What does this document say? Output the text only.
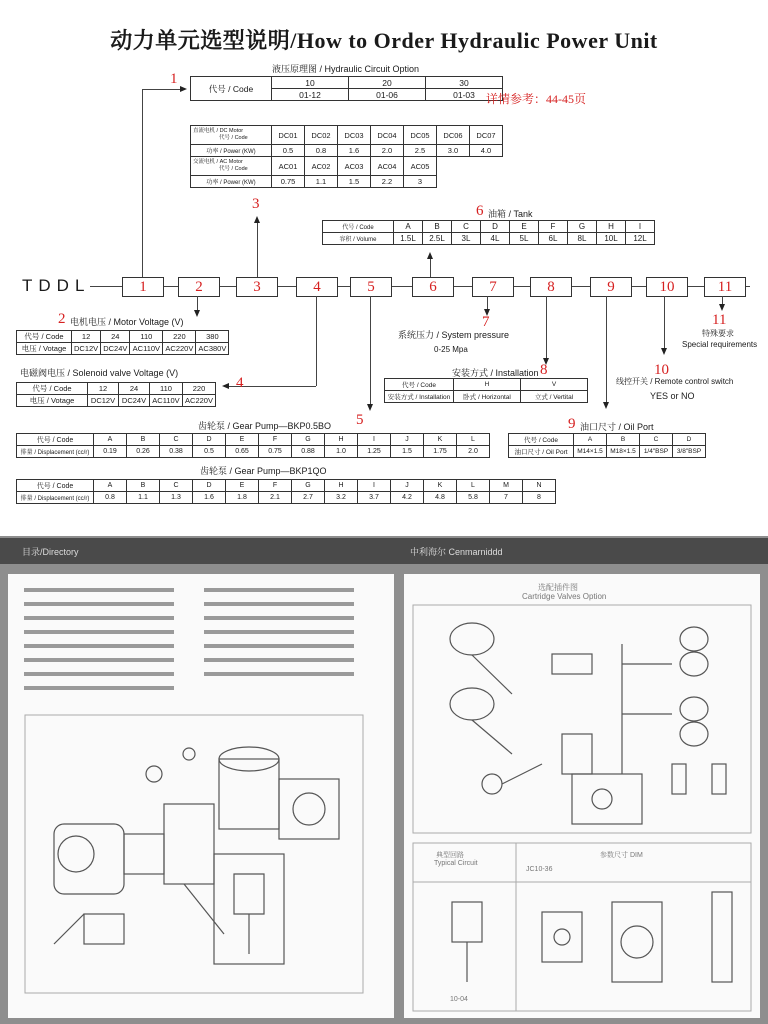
动力单元选型说明/How to Order Hydraulic Power Unit
1
液压原理图 / Hydraulic Circuit Option
代号 / Code	10	20	30
	01-12	01-06	01-03 详情参考：44-45页
直流电机 / DC Motor
代号 / Code	DC01	DC02	DC03	DC04	DC05	DC06	DC07
功率 / Power (KW)	0.5	0.8	1.6	2.0	2.5	3.0	4.0
交流电机 / AC Motor
代号 / Code	AC01	AC02	AC03	AC04	AC05		
功率 / Power (KW)	0.75	1.1	1.5	2.2	3		
3	6 油箱 / Tank
代号 / Code	A	B	C	D	E	F	G	H	I
容积 / Volume	1.5L	2.5L	3L	4L	5L	6L	8L	10L	12L
TDDL	1	2	3	4	5	6	7	8	9	10	11
2 电机电压 / Motor Voltage (V)
代号 / Code	12	24	110	220	380
电压 / Votage	DC12V	DC24V	AC110V	AC220V	AC380V
4
电磁阀电压 / Solenoid valve Voltage (V)
代号 / Code	12	24	110	220
电压 / Votage	DC12V	DC24V	AC110V	AC220V
5
齿轮泵 / Gear Pump—BKP0.5BO
代号 / Code	A	B	C	D	E	F	G	H	I	J	K	L
排量 / Displacement (cc/r)	0.19	0.26	0.38	0.5	0.65	0.75	0.88	1.0	1.25	1.5	1.75	2.0
齿轮泵 / Gear Pump—BKP1QO
代号 / Code	A	B	C	D	E	F	G	H	I	J	K	L	M	N
排量 / Displacement (cc/r)	0.8	1.1	1.3	1.6	1.8	2.1	2.7	3.2	3.7	4.2	4.8	5.8	7	8
7
系统压力 / System pressure
0-25 Mpa
8
安装方式 / Installation
代号 / Code	H	V
安装方式 / Installation	卧式 / Horizontal	立式 / Vertital
9 油口尺寸 / Oil Port
代号 / Code	A	B	C	D
油口尺寸 / Oil Port	M14×1.5	M18×1.5	1/4"BSP	3/8"BSP
10
线控开关 / Remote control switch
YES or NO
11
特殊要求
Special requirements
目录/Directory	中利海尔 Cenmarniddd
选配插件图
Cartridge Valves Option
典型回路
Typical Circuit
参数尺寸 DIM
JC10-36
10-04
